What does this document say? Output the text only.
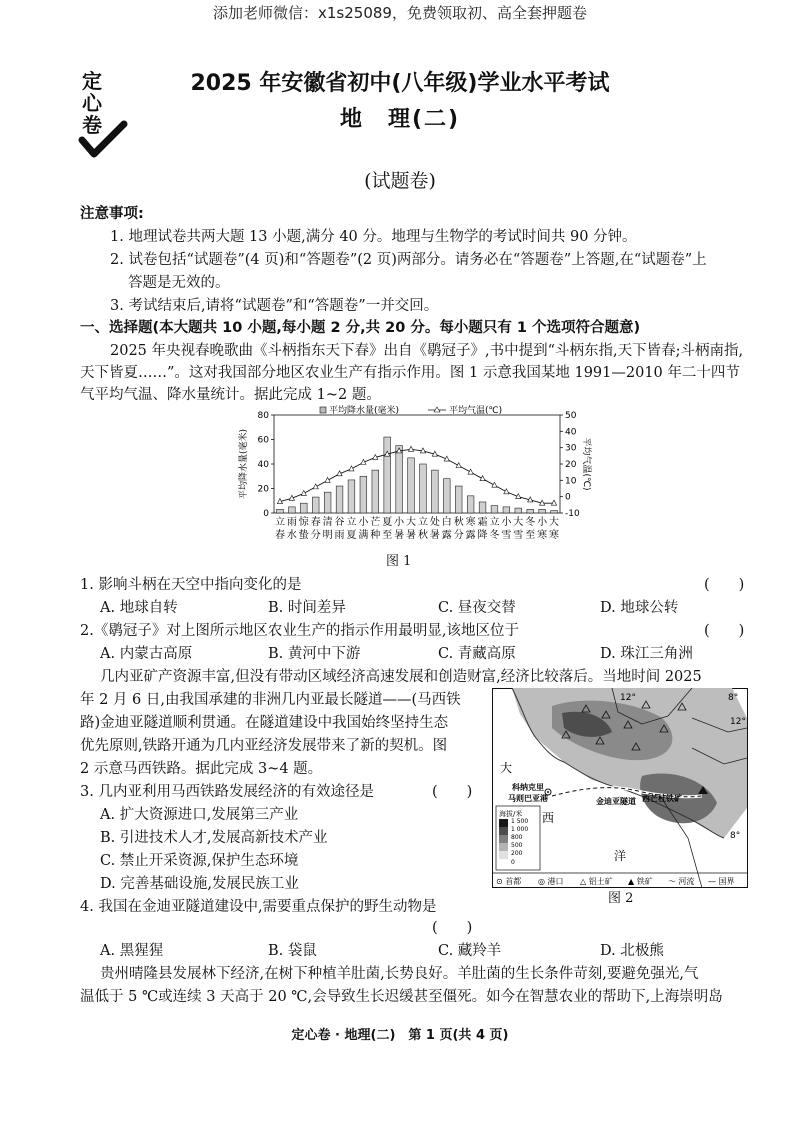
添加老师微信：x1s25089，免费领取初、高全套押题卷
定
心
卷
2025 年安徽省初中(八年级)学业水平考试
地　理(二)
(试题卷)
注意事项:
1. 地理试卷共两大题 13 小题,满分 40 分。地理与生物学的考试时间共 90 分钟。
2. 试卷包括“试题卷”(4 页)和“答题卷”(2 页)两部分。请务必在“答题卷”上答题,在“试题卷”上
答题是无效的。
3. 考试结束后,请将“试题卷”和“答题卷”一并交回。
一、选择题(本大题共 10 小题,每小题 2 分,共 20 分。每小题只有 1 个选项符合题意)
2025 年央视春晚歌曲《斗柄指东天下春》出自《鹖冠子》,书中提到“斗柄东指,天下皆春;斗柄南指,
天下皆夏……”。这对我国部分地区农业生产有指示作用。图 1 示意我国某地 1991—2010 年二十四节
气平均气温、降水量统计。据此完成 1~2 题。
80
60
40
20
0
50
40
30
20
10
0
-10
平均降水量(毫米)	平均气温(℃)
平均降水量(毫米)	平均气温(℃)
立 雨 惊 春 清 谷 立 小 芒 夏 小 大 立 处 白 秋 寒 霜 立 小 大 冬 小 大
春 水 蛰 分 明 雨 夏 满 种 至 暑 暑 秋 暑 露 分 露 降 冬 雪 雪 至 寒 寒
图 1
1. 影响斗柄在天空中指向变化的是	(　　)
A. 地球自转	B. 时间差异	C. 昼夜交替	D. 地球公转
2.《鹖冠子》对上图所示地区农业生产的指示作用最明显,该地区位于	(　　)
A. 内蒙古高原	B. 黄河中下游	C. 青藏高原	D. 珠江三角洲
几内亚矿产资源丰富,但没有带动区域经济高速发展和创造财富,经济比较落后。当地时间 2025
年 2 月 6 日,由我国承建的非洲几内亚最长隧道——(马西铁
路)金迪亚隧道顺利贯通。在隧道建设中我国始终坚持生态
优先原则,铁路开通为几内亚经济发展带来了新的契机。图
2 示意马西铁路。据此完成 3~4 题。
3. 几内亚利用马西铁路发展经济的有效途径是	(　　)
A. 扩大资源进口,发展第三产业
B. 引进技术人才,发展高新技术产业
C. 禁止开采资源,保护生态环境
D. 完善基础设施,发展民族工业
4. 我国在金迪亚隧道建设中,需要重点保护的野生动物是
(　　)
A. 黑猩猩	B. 袋鼠	C. 藏羚羊	D. 北极熊
贵州晴隆县发展林下经济,在树下种植羊肚菌,长势良好。羊肚菌的生长条件苛刻,要避免强光,气
温低于 5 ℃或连续 3 天高于 20 ℃,会导致生长迟缓甚至僵死。如今在智慧农业的帮助下,上海崇明岛
12°	8°
12°
8°
大
西
洋
科纳克里
马则巴亚港	金迪亚隧道 西芒杜铁矿
海拔/米
1 500
1 000
800
500
200
0
⊙ 首都 ◎ 港口 △ 铝土矿 ▲ 铁矿 〜 河流 — 国界
图 2
定心卷 · 地理(二)　第 1 页(共 4 页)
